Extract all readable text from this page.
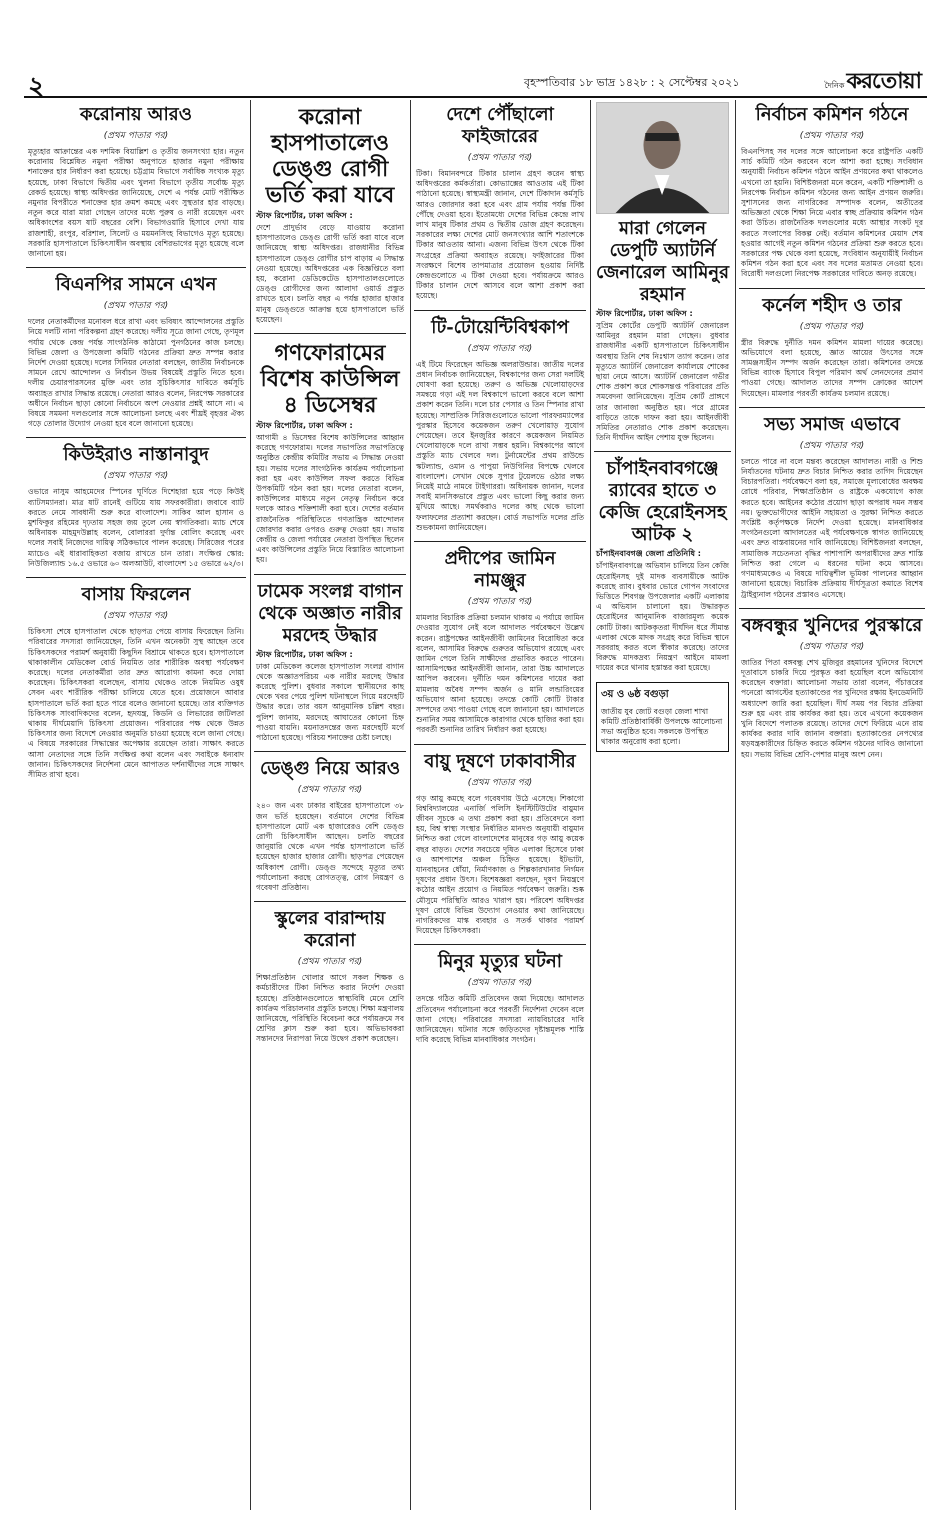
২	বৃহস্পতিবার ১৮ ভাদ্র ১৪২৮ : ২ সেপ্টেম্বর ২০২১	দৈনিক করতোয়া
করোনায় আরও
(প্রথম পাতার পর)

মৃত্যুহার আক্রান্তের এক দশমিক বিয়াল্লিশ ও তৃতীয় জনসংখ্যা হার। নতুন করোনায় বিশ্লেষিত নমুনা পরীক্ষা অনুপাতে হাজার নমুনা পরীক্ষায় শনাক্তের হার নির্ধারণ করা হয়েছে। চট্টগ্রাম বিভাগে সর্বাধিক সংখ্যক মৃত্যু হয়েছে, ঢাকা বিভাগে দ্বিতীয় এবং খুলনা বিভাগে তৃতীয় সর্বোচ্চ মৃত্যু রেকর্ড হয়েছে। স্বাস্থ্য অধিদপ্তর জানিয়েছে, দেশে এ পর্যন্ত মোট পরীক্ষিত নমুনার বিপরীতে শনাক্তের হার ক্রমশ কমছে এবং সুস্থতার হার বাড়ছে। নতুন করে যারা মারা গেছেন তাদের মধ্যে পুরুষ ও নারী রয়েছেন এবং অধিকাংশের বয়স ষাট বছরের বেশি। বিভাগওয়ারি হিসাবে দেখা যায় রাজশাহী, রংপুর, বরিশাল, সিলেট ও ময়মনসিংহ বিভাগেও মৃত্যু হয়েছে। সরকারি হাসপাতালে চিকিৎসাধীন অবস্থায় বেশিরভাগের মৃত্যু হয়েছে বলে জানানো হয়।

বিএনপির সামনে এখন
(প্রথম পাতার পর)

দলের নেতাকর্মীদের মনোবল ধরে রাখা এবং ভবিষ্যৎ আন্দোলনের প্রস্তুতি নিয়ে দলটি নানা পরিকল্পনা গ্রহণ করেছে। দলীয় সূত্রে জানা গেছে, তৃণমূল পর্যায় থেকে কেন্দ্র পর্যন্ত সাংগঠনিক কাঠামো পুনর্গঠনের কাজ চলছে। বিভিন্ন জেলা ও উপজেলা কমিটি গঠনের প্রক্রিয়া দ্রুত সম্পন্ন করার নির্দেশ দেওয়া হয়েছে। দলের সিনিয়র নেতারা বলছেন, জাতীয় নির্বাচনকে সামনে রেখে আন্দোলন ও নির্বাচন উভয় বিষয়েই প্রস্তুতি নিতে হবে। দলীয় চেয়ারপারসনের মুক্তি এবং তার সুচিকিৎসার দাবিতে কর্মসূচি অব্যাহত রাখার সিদ্ধান্ত রয়েছে। নেতারা আরও বলেন, নিরপেক্ষ সরকারের অধীনে নির্বাচন ছাড়া কোনো নির্বাচনে অংশ নেওয়ার প্রশ্নই আসে না। এ বিষয়ে সমমনা দলগুলোর সঙ্গে আলোচনা চলছে এবং শীঘ্রই বৃহত্তর ঐক্য গড়ে তোলার উদ্যোগ নেওয়া হবে বলে জানানো হয়েছে।

কিউইরাও নাস্তানাবুদ
(প্রথম পাতার পর)

ওভারে নাসুম আহমেদের স্পিনের ঘূর্ণিতে দিশেহারা হয়ে পড়ে কিউই ব্যাটসম্যানরা। মাত্র ষাট রানেই গুটিয়ে যায় সফরকারীরা। জবাবে ব্যাট করতে নেমে সাবধানী শুরু করে বাংলাদেশ। সাকিব আল হাসান ও মুশফিকুর রহিমের দৃঢ়তায় সহজ জয় তুলে নেয় স্বাগতিকরা। ম্যাচ শেষে অধিনায়ক মাহমুদউল্লাহ বলেন, বোলাররা দুর্দান্ত বোলিং করেছে এবং দলের সবাই নিজেদের দায়িত্ব সঠিকভাবে পালন করেছে। সিরিজের পরের ম্যাচেও এই ধারাবাহিকতা বজায় রাখতে চান তারা। সংক্ষিপ্ত স্কোর: নিউজিল্যান্ড ১৬.৫ ওভারে ৬০ অলআউট, বাংলাদেশ ১৫ ওভারে ৬২/৩।

বাসায় ফিরলেন
(প্রথম পাতার পর)

চিকিৎসা শেষে হাসপাতাল থেকে ছাড়পত্র পেয়ে বাসায় ফিরেছেন তিনি। পরিবারের সদস্যরা জানিয়েছেন, তিনি এখন অনেকটা সুস্থ আছেন তবে চিকিৎসকদের পরামর্শ অনুযায়ী কিছুদিন বিশ্রামে থাকতে হবে। হাসপাতালে থাকাকালীন মেডিকেল বোর্ড নিয়মিত তার শারীরিক অবস্থা পর্যবেক্ষণ করেছে। দলের নেতাকর্মীরা তার দ্রুত আরোগ্য কামনা করে দোয়া করেছেন। চিকিৎসকরা বলেছেন, বাসায় থেকেও তাকে নিয়মিত ওষুধ সেবন এবং শারীরিক পরীক্ষা চালিয়ে যেতে হবে। প্রয়োজনে আবার হাসপাতালে ভর্তি করা হতে পারে বলেও জানানো হয়েছে। তার ব্যক্তিগত চিকিৎসক সাংবাদিকদের বলেন, হৃদযন্ত্র, কিডনি ও লিভারের জটিলতা থাকায় দীর্ঘমেয়াদি চিকিৎসা প্রয়োজন। পরিবারের পক্ষ থেকে উন্নত চিকিৎসার জন্য বিদেশে নেওয়ার অনুমতি চাওয়া হয়েছে বলে জানা গেছে। এ বিষয়ে সরকারের সিদ্ধান্তের অপেক্ষায় রয়েছেন তারা। সাক্ষাৎ করতে আসা নেতাদের সঙ্গে তিনি সংক্ষিপ্ত কথা বলেন এবং সবাইকে ধন্যবাদ জানান। চিকিৎসকদের নির্দেশনা মেনে আপাতত দর্শনার্থীদের সঙ্গে সাক্ষাৎ সীমিত রাখা হবে।

করোনা হাসপাতালেও ডেঙ্গু রোগী ভর্তি করা যাবে

স্টাফ রিপোর্টার, ঢাকা অফিস :

দেশে প্রাদুর্ভাব বেড়ে যাওয়ায় করোনা হাসপাতালেও ডেঙ্গু রোগী ভর্তি করা যাবে বলে জানিয়েছে স্বাস্থ্য অধিদপ্তর। রাজধানীর বিভিন্ন হাসপাতালে ডেঙ্গু রোগীর চাপ বাড়ায় এ সিদ্ধান্ত নেওয়া হয়েছে। অধিদপ্তরের এক বিজ্ঞপ্তিতে বলা হয়, করোনা ডেডিকেটেড হাসপাতালগুলোতে ডেঙ্গু রোগীদের জন্য আলাদা ওয়ার্ড প্রস্তুত রাখতে হবে। চলতি বছর এ পর্যন্ত হাজার হাজার মানুষ ডেঙ্গুতে আক্রান্ত হয়ে হাসপাতালে ভর্তি হয়েছেন।

গণফোরামের বিশেষ কাউন্সিল ৪ ডিসেম্বর

স্টাফ রিপোর্টার, ঢাকা অফিস :

আগামী ৪ ডিসেম্বর বিশেষ কাউন্সিলের আহ্বান করেছে গণফোরাম। দলের সভাপতির সভাপতিত্বে অনুষ্ঠিত কেন্দ্রীয় কমিটির সভায় এ সিদ্ধান্ত নেওয়া হয়। সভায় দলের সাংগঠনিক কার্যক্রম পর্যালোচনা করা হয় এবং কাউন্সিল সফল করতে বিভিন্ন উপকমিটি গঠন করা হয়। দলের নেতারা বলেন, কাউন্সিলের মাধ্যমে নতুন নেতৃত্ব নির্বাচন করে দলকে আরও শক্তিশালী করা হবে। দেশের বর্তমান রাজনৈতিক পরিস্থিতিতে গণতান্ত্রিক আন্দোলন জোরদার করার ওপরও গুরুত্ব দেওয়া হয়। সভায় কেন্দ্রীয় ও জেলা পর্যায়ের নেতারা উপস্থিত ছিলেন এবং কাউন্সিলের প্রস্তুতি নিয়ে বিস্তারিত আলোচনা হয়।

ঢামেক সংলগ্ন বাগান থেকে অজ্ঞাত নারীর মরদেহ উদ্ধার

স্টাফ রিপোর্টার, ঢাকা অফিস :

ঢাকা মেডিকেল কলেজ হাসপাতাল সংলগ্ন বাগান থেকে অজ্ঞাতপরিচয় এক নারীর মরদেহ উদ্ধার করেছে পুলিশ। বুধবার সকালে স্থানীয়দের কাছ থেকে খবর পেয়ে পুলিশ ঘটনাস্থলে গিয়ে মরদেহটি উদ্ধার করে। তার বয়স আনুমানিক চল্লিশ বছর। পুলিশ জানায়, মরদেহে আঘাতের কোনো চিহ্ন পাওয়া যায়নি। ময়নাতদন্তের জন্য মরদেহটি মর্গে পাঠানো হয়েছে। পরিচয় শনাক্তের চেষ্টা চলছে।

ডেঙ্গু নিয়ে আরও
(প্রথম পাতার পর)

২৪০ জন এবং ঢাকার বাইরের হাসপাতালে ৩৮ জন ভর্তি হয়েছেন। বর্তমানে দেশের বিভিন্ন হাসপাতালে মোট এক হাজারেরও বেশি ডেঙ্গু রোগী চিকিৎসাধীন আছেন। চলতি বছরের জানুয়ারি থেকে এখন পর্যন্ত হাসপাতালে ভর্তি হয়েছেন হাজার হাজার রোগী। ছাড়পত্র পেয়েছেন অধিকাংশ রোগী। ডেঙ্গু সন্দেহে মৃত্যুর তথ্য পর্যালোচনা করছে রোগতত্ত্ব, রোগ নিয়ন্ত্রণ ও গবেষণা প্রতিষ্ঠান।

স্কুলের বারান্দায় করোনা
(প্রথম পাতার পর)

শিক্ষাপ্রতিষ্ঠান খোলার আগে সকল শিক্ষক ও কর্মচারীদের টিকা নিশ্চিত করার নির্দেশ দেওয়া হয়েছে। প্রতিষ্ঠানগুলোতে স্বাস্থ্যবিধি মেনে শ্রেণি কার্যক্রম পরিচালনার প্রস্তুতি চলছে। শিক্ষা মন্ত্রণালয় জানিয়েছে, পরিস্থিতি বিবেচনা করে পর্যায়ক্রমে সব শ্রেণির ক্লাস শুরু করা হবে। অভিভাবকরা সন্তানদের নিরাপত্তা নিয়ে উদ্বেগ প্রকাশ করেছেন।

দেশে পৌঁছালো ফাইজারের
(প্রথম পাতার পর)

টিকা। বিমানবন্দরে টিকার চালান গ্রহণ করেন স্বাস্থ্য অধিদপ্তরের কর্মকর্তারা। কোভ্যাক্সের আওতায় এই টিকা পাঠানো হয়েছে। স্বাস্থ্যমন্ত্রী জানান, দেশে টিকাদান কর্মসূচি আরও জোরদার করা হবে এবং গ্রাম পর্যায় পর্যন্ত টিকা পৌঁছে দেওয়া হবে। ইতোমধ্যে দেশের বিভিন্ন কেন্দ্রে লাখ লাখ মানুষ টিকার প্রথম ও দ্বিতীয় ডোজ গ্রহণ করেছেন। সরকারের লক্ষ্য দেশের মোট জনসংখ্যার আশি শতাংশকে টিকার আওতায় আনা। এজন্য বিভিন্ন উৎস থেকে টিকা সংগ্রহের প্রক্রিয়া অব্যাহত রয়েছে। ফাইজারের টিকা সংরক্ষণে বিশেষ তাপমাত্রার প্রয়োজন হওয়ায় নির্দিষ্ট কেন্দ্রগুলোতে এ টিকা দেওয়া হবে। পর্যায়ক্রমে আরও টিকার চালান দেশে আসবে বলে আশা প্রকাশ করা হয়েছে।

টি-টোয়েন্টিবিশ্বকাপ
(প্রথম পাতার পর)

এই টিমে ফিরেছেন অভিজ্ঞ অলরাউন্ডার। জাতীয় দলের প্রধান নির্বাচক জানিয়েছেন, বিশ্বকাপের জন্য সেরা দলটিই ঘোষণা করা হয়েছে। তরুণ ও অভিজ্ঞ খেলোয়াড়দের সমন্বয়ে গড়া এই দল বিশ্বকাপে ভালো করবে বলে আশা প্রকাশ করেন তিনি। দলে চার পেসার ও তিন স্পিনার রাখা হয়েছে। সাম্প্রতিক সিরিজগুলোতে ভালো পারফরম্যান্সের পুরস্কার হিসেবে কয়েকজন তরুণ খেলোয়াড় সুযোগ পেয়েছেন। তবে ইনজুরির কারণে কয়েকজন নিয়মিত খেলোয়াড়কে দলে রাখা সম্ভব হয়নি। বিশ্বকাপের আগে প্রস্তুতি ম্যাচ খেলবে দল। টুর্নামেন্টের প্রথম রাউন্ডে স্কটল্যান্ড, ওমান ও পাপুয়া নিউগিনির বিপক্ষে খেলবে বাংলাদেশ। সেখান থেকে সুপার টুয়েলভে ওঠার লক্ষ্য নিয়েই মাঠে নামবে টাইগাররা। অধিনায়ক জানান, দলের সবাই মানসিকভাবে প্রস্তুত এবং ভালো কিছু করার জন্য মুখিয়ে আছে। সমর্থকরাও দলের কাছ থেকে ভালো ফলাফলের প্রত্যাশা করছেন। বোর্ড সভাপতি দলের প্রতি শুভকামনা জানিয়েছেন।

প্রদীপের জামিন নামঞ্জুর
(প্রথম পাতার পর)

মামলার বিচারিক প্রক্রিয়া চলমান থাকায় এ পর্যায়ে জামিন দেওয়ার সুযোগ নেই বলে আদালত পর্যবেক্ষণে উল্লেখ করেন। রাষ্ট্রপক্ষের আইনজীবী জামিনের বিরোধিতা করে বলেন, আসামির বিরুদ্ধে গুরুতর অভিযোগ রয়েছে এবং জামিন পেলে তিনি সাক্ষীদের প্রভাবিত করতে পারেন। আসামিপক্ষের আইনজীবী জানান, তারা উচ্চ আদালতে আপিল করবেন। দুর্নীতি দমন কমিশনের দায়ের করা মামলায় অবৈধ সম্পদ অর্জন ও মানি লন্ডারিংয়ের অভিযোগ আনা হয়েছে। তদন্তে কোটি কোটি টাকার সম্পদের তথ্য পাওয়া গেছে বলে জানানো হয়। আদালতে শুনানির সময় আসামিকে কারাগার থেকে হাজির করা হয়। পরবর্তী শুনানির তারিখ নির্ধারণ করা হয়েছে।

বায়ু দূষণে ঢাকাবাসীর
(প্রথম পাতার পর)

গড় আয়ু কমছে বলে গবেষণায় উঠে এসেছে। শিকাগো বিশ্ববিদ্যালয়ের এনার্জি পলিসি ইনস্টিটিউটের বায়ুমান জীবন সূচকে এ তথ্য প্রকাশ করা হয়। প্রতিবেদনে বলা হয়, বিশ্ব স্বাস্থ্য সংস্থার নির্ধারিত মানদণ্ড অনুযায়ী বায়ুমান নিশ্চিত করা গেলে বাংলাদেশের মানুষের গড় আয়ু কয়েক বছর বাড়ত। দেশের সবচেয়ে দূষিত এলাকা হিসেবে ঢাকা ও আশপাশের অঞ্চল চিহ্নিত হয়েছে। ইটভাটা, যানবাহনের ধোঁয়া, নির্মাণকাজ ও শিল্পকারখানার নির্গমন দূষণের প্রধান উৎস। বিশেষজ্ঞরা বলছেন, দূষণ নিয়ন্ত্রণে কঠোর আইন প্রয়োগ ও নিয়মিত পর্যবেক্ষণ জরুরি। শুষ্ক মৌসুমে পরিস্থিতি আরও খারাপ হয়। পরিবেশ অধিদপ্তর দূষণ রোধে বিভিন্ন উদ্যোগ নেওয়ার কথা জানিয়েছে। নাগরিকদের মাস্ক ব্যবহার ও সতর্ক থাকার পরামর্শ দিয়েছেন চিকিৎসকরা।

মিনুর মৃত্যুর ঘটনা
(প্রথম পাতার পর)

তদন্তে গঠিত কমিটি প্রতিবেদন জমা দিয়েছে। আদালত প্রতিবেদন পর্যালোচনা করে পরবর্তী নির্দেশনা দেবেন বলে জানা গেছে। পরিবারের সদস্যরা ন্যায়বিচারের দাবি জানিয়েছেন। ঘটনার সঙ্গে জড়িতদের দৃষ্টান্তমূলক শাস্তি দাবি করেছে বিভিন্ন মানবাধিকার সংগঠন।

মারা গেলেন ডেপুটি অ্যাটর্নি জেনারেল আমিনুর রহমান

স্টাফ রিপোর্টার, ঢাকা অফিস :

সুপ্রিম কোর্টের ডেপুটি অ্যাটর্নি জেনারেল আমিনুর রহমান মারা গেছেন। বুধবার রাজধানীর একটি হাসপাতালে চিকিৎসাধীন অবস্থায় তিনি শেষ নিঃশ্বাস ত্যাগ করেন। তার মৃত্যুতে অ্যাটর্নি জেনারেল কার্যালয়ে শোকের ছায়া নেমে আসে। অ্যাটর্নি জেনারেল গভীর শোক প্রকাশ করে শোকসন্তপ্ত পরিবারের প্রতি সমবেদনা জানিয়েছেন। সুপ্রিম কোর্ট প্রাঙ্গণে তার জানাজা অনুষ্ঠিত হয়। পরে গ্রামের বাড়িতে তাকে দাফন করা হয়। আইনজীবী সমিতির নেতারাও শোক প্রকাশ করেছেন। তিনি দীর্ঘদিন আইন পেশায় যুক্ত ছিলেন।

চাঁপাইনবাবগঞ্জে র‌্যাবের হাতে ৩ কেজি হেরোইনসহ আটক ২

চাঁপাইনবাবগঞ্জ জেলা প্রতিনিধি :

চাঁপাইনবাবগঞ্জে অভিযান চালিয়ে তিন কেজি হেরোইনসহ দুই মাদক ব্যবসায়ীকে আটক করেছে র‌্যাব। বুধবার ভোরে গোপন সংবাদের ভিত্তিতে শিবগঞ্জ উপজেলার একটি এলাকায় এ অভিযান চালানো হয়। উদ্ধারকৃত হেরোইনের আনুমানিক বাজারমূল্য কয়েক কোটি টাকা। আটককৃতরা দীর্ঘদিন ধরে সীমান্ত এলাকা থেকে মাদক সংগ্রহ করে বিভিন্ন স্থানে সরবরাহ করত বলে স্বীকার করেছে। তাদের বিরুদ্ধে মাদকদ্রব্য নিয়ন্ত্রণ আইনে মামলা দায়ের করে থানায় হস্তান্তর করা হয়েছে।

৩য় ও ৬ষ্ঠ বগুড়া
জাতীয় যুব জোট বগুড়া জেলা শাখা কমিটি প্রতিষ্ঠাবার্ষিকী উপলক্ষে আলোচনা সভা অনুষ্ঠিত হবে। সকলকে উপস্থিত থাকার অনুরোধ করা হলো।
নির্বাচন কমিশন গঠনে
(প্রথম পাতার পর)

বিএনপিসহ সব দলের সঙ্গে আলোচনা করে রাষ্ট্রপতি একটি সার্চ কমিটি গঠন করবেন বলে আশা করা হচ্ছে। সংবিধান অনুযায়ী নির্বাচন কমিশন গঠনে আইন প্রণয়নের কথা থাকলেও এখনো তা হয়নি। বিশিষ্টজনরা মনে করেন, একটি শক্তিশালী ও নিরপেক্ষ নির্বাচন কমিশন গঠনের জন্য আইন প্রণয়ন জরুরি। সুশাসনের জন্য নাগরিকের সম্পাদক বলেন, অতীতের অভিজ্ঞতা থেকে শিক্ষা নিয়ে এবার স্বচ্ছ প্রক্রিয়ায় কমিশন গঠন করা উচিত। রাজনৈতিক দলগুলোর মধ্যে আস্থার সংকট দূর করতে সংলাপের বিকল্প নেই। বর্তমান কমিশনের মেয়াদ শেষ হওয়ার আগেই নতুন কমিশন গঠনের প্রক্রিয়া শুরু করতে হবে। সরকারের পক্ষ থেকে বলা হয়েছে, সংবিধান অনুযায়ীই নির্বাচন কমিশন গঠন করা হবে এবং সব দলের মতামত নেওয়া হবে। বিরোধী দলগুলো নিরপেক্ষ সরকারের দাবিতে অনড় রয়েছে।

কর্নেল শহীদ ও তার
(প্রথম পাতার পর)

স্ত্রীর বিরুদ্ধে দুর্নীতি দমন কমিশন মামলা দায়ের করেছে। অভিযোগে বলা হয়েছে, জ্ঞাত আয়ের উৎসের সঙ্গে সামঞ্জস্যহীন সম্পদ অর্জন করেছেন তারা। কমিশনের তদন্তে বিভিন্ন ব্যাংক হিসাবে বিপুল পরিমাণ অর্থ লেনদেনের প্রমাণ পাওয়া গেছে। আদালত তাদের সম্পদ ক্রোকের আদেশ দিয়েছেন। মামলার পরবর্তী কার্যক্রম চলমান রয়েছে।

সভ্য সমাজ এভাবে
(প্রথম পাতার পর)

চলতে পারে না বলে মন্তব্য করেছেন আদালত। নারী ও শিশু নির্যাতনের ঘটনায় দ্রুত বিচার নিশ্চিত করার তাগিদ দিয়েছেন বিচারপতিরা। পর্যবেক্ষণে বলা হয়, সমাজে মূল্যবোধের অবক্ষয় রোধে পরিবার, শিক্ষাপ্রতিষ্ঠান ও রাষ্ট্রকে একযোগে কাজ করতে হবে। আইনের কঠোর প্রয়োগ ছাড়া অপরাধ দমন সম্ভব নয়। ভুক্তভোগীদের আইনি সহায়তা ও সুরক্ষা নিশ্চিত করতে সংশ্লিষ্ট কর্তৃপক্ষকে নির্দেশ দেওয়া হয়েছে। মানবাধিকার সংগঠনগুলো আদালতের এই পর্যবেক্ষণকে স্বাগত জানিয়েছে এবং দ্রুত বাস্তবায়নের দাবি জানিয়েছে। বিশিষ্টজনরা বলছেন, সামাজিক সচেতনতা বৃদ্ধির পাশাপাশি অপরাধীদের দ্রুত শাস্তি নিশ্চিত করা গেলে এ ধরনের ঘটনা কমে আসবে। গণমাধ্যমকেও এ বিষয়ে দায়িত্বশীল ভূমিকা পালনের আহ্বান জানানো হয়েছে। বিচারিক প্রক্রিয়ায় দীর্ঘসূত্রতা কমাতে বিশেষ ট্রাইব্যুনাল গঠনের প্রস্তাবও এসেছে।

বঙ্গবন্ধুর খুনিদের পুরস্কারে
(প্রথম পাতার পর)

জাতির পিতা বঙ্গবন্ধু শেখ মুজিবুর রহমানের খুনিদের বিদেশে দূতাবাসে চাকরি দিয়ে পুরস্কৃত করা হয়েছিল বলে অভিযোগ করেছেন বক্তারা। আলোচনা সভায় তারা বলেন, পঁচাত্তরের পনেরো আগস্টের হত্যাকাণ্ডের পর খুনিদের রক্ষায় ইনডেমনিটি অধ্যাদেশ জারি করা হয়েছিল। দীর্ঘ সময় পর বিচার প্রক্রিয়া শুরু হয় এবং রায় কার্যকর করা হয়। তবে এখনো কয়েকজন খুনি বিদেশে পলাতক রয়েছে। তাদের দেশে ফিরিয়ে এনে রায় কার্যকর করার দাবি জানান বক্তারা। হত্যাকাণ্ডের নেপথ্যের ষড়যন্ত্রকারীদের চিহ্নিত করতে কমিশন গঠনের দাবিও জানানো হয়। সভায় বিভিন্ন শ্রেণি-পেশার মানুষ অংশ নেন।
